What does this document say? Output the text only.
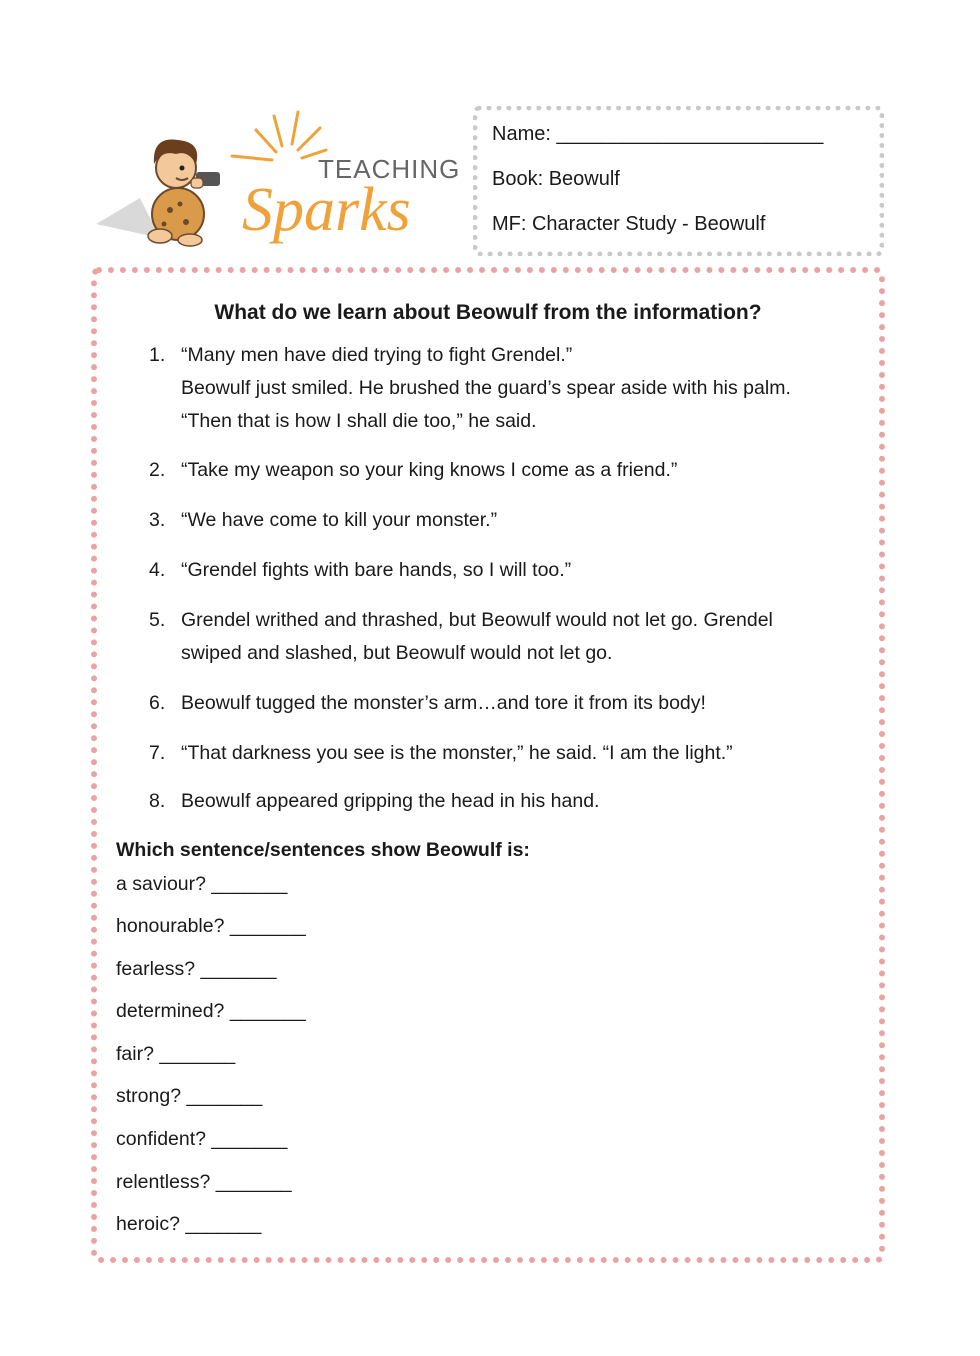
TEACHING
Sparks
Name: ________________________
Book: Beowulf
MF: Character Study - Beowulf
What do we learn about Beowulf from the information?
1. “Many men have died trying to fight Grendel.”
Beowulf just smiled. He brushed the guard’s spear aside with his palm.
“Then that is how I shall die too,” he said.
2. “Take my weapon so your king knows I come as a friend.”
3. “We have come to kill your monster.”
4. “Grendel fights with bare hands, so I will too.”
5. Grendel writhed and thrashed, but Beowulf would not let go. Grendel
swiped and slashed, but Beowulf would not let go.
6. Beowulf tugged the monster’s arm…and tore it from its body!
7. “That darkness you see is the monster,” he said. “I am the light.”
8. Beowulf appeared gripping the head in his hand.
Which sentence/sentences show Beowulf is:
a saviour? _______
honourable? _______
fearless? _______
determined? _______
fair? _______
strong? _______
confident? _______
relentless? _______
heroic? _______
